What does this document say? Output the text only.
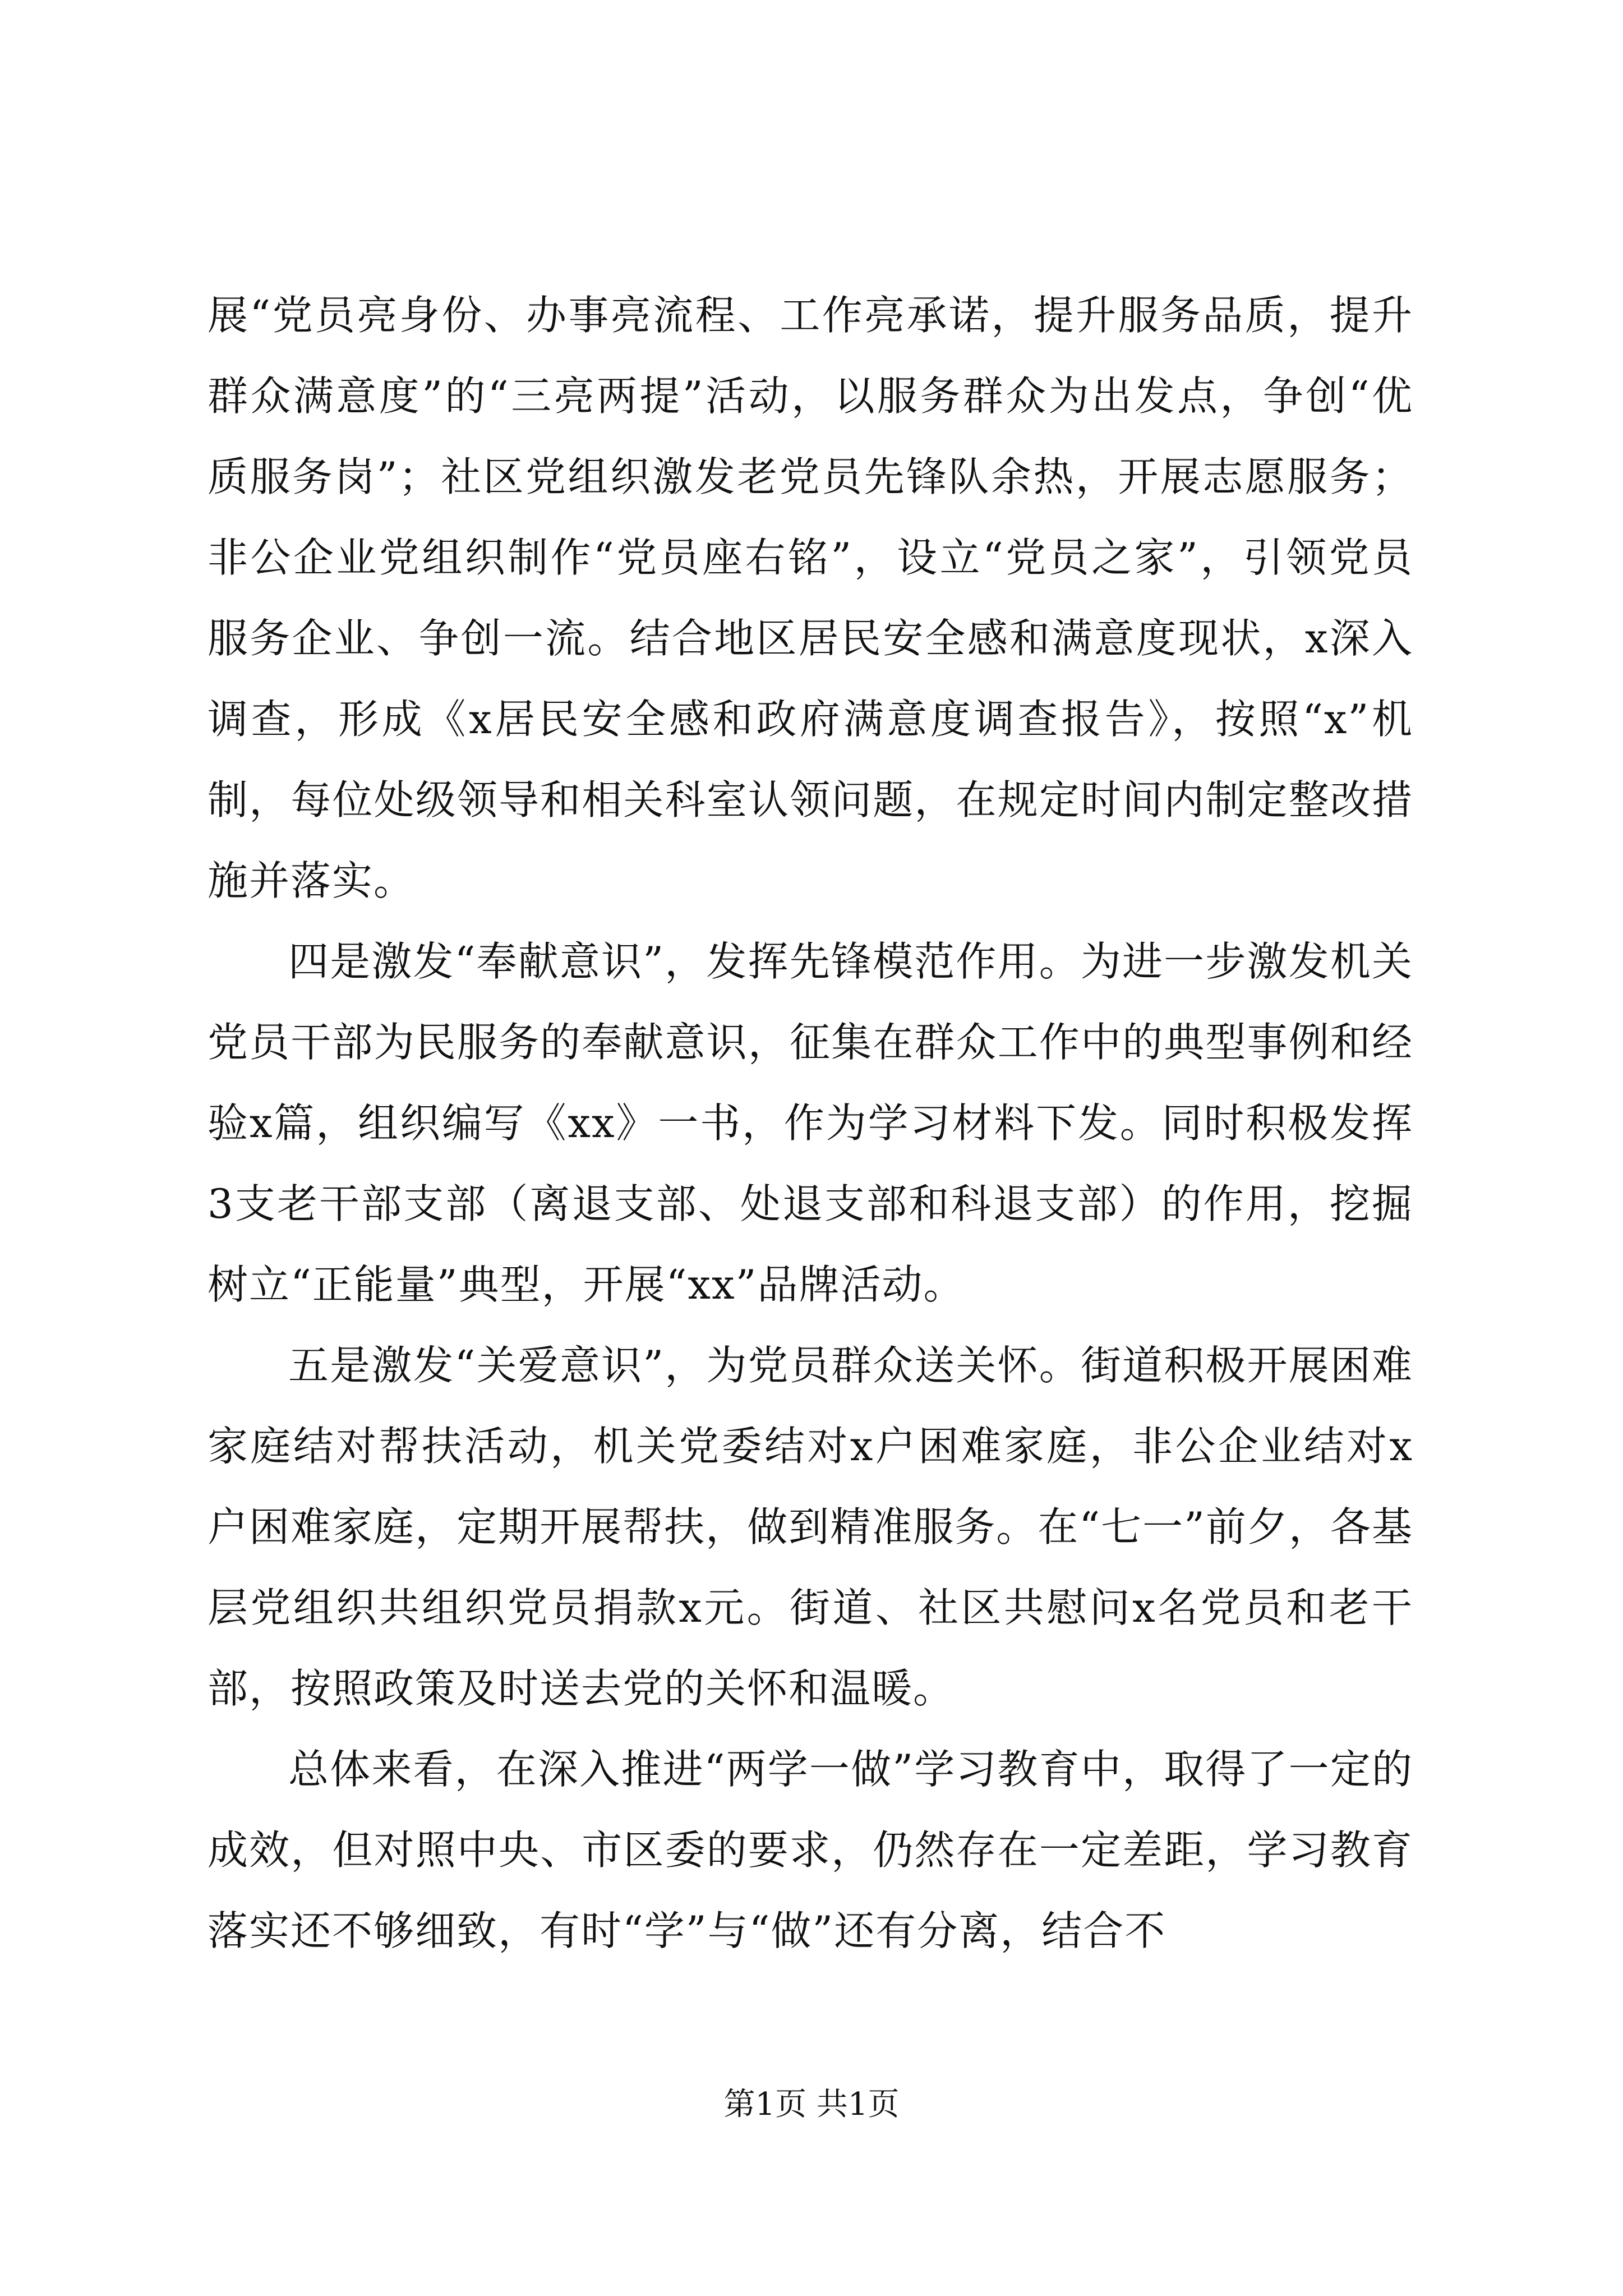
展“党员亮身份、办事亮流程、工作亮承诺，提升服务品质，提升群众满意度”的“三亮两提”活动，以服务群众为出发点，争创“优质服务岗”；社区党组织激发老党员先锋队余热，开展志愿服务；非公企业党组织制作“党员座右铭”，设立“党员之家”，引领党员服务企业、争创一流。结合地区居民安全感和满意度现状，x深入调查，形成《x居民安全感和政府满意度调查报告》，按照“x”机制，每位处级领导和相关科室认领问题，在规定时间内制定整改措施并落实。

四是激发“奉献意识”，发挥先锋模范作用。为进一步激发机关党员干部为民服务的奉献意识，征集在群众工作中的典型事例和经验x篇，组织编写《xx》一书，作为学习材料下发。同时积极发挥3支老干部支部（离退支部、处退支部和科退支部）的作用，挖掘树立“正能量”典型，开展“xx”品牌活动。

五是激发“关爱意识”，为党员群众送关怀。街道积极开展困难家庭结对帮扶活动，机关党委结对x户困难家庭，非公企业结对x户困难家庭，定期开展帮扶，做到精准服务。在“七一”前夕，各基层党组织共组织党员捐款x元。街道、社区共慰问x名党员和老干部，按照政策及时送去党的关怀和温暖。

总体来看，在深入推进“两学一做”学习教育中，取得了一定的成效，但对照中央、市区委的要求，仍然存在一定差距，学习教育落实还不够细致，有时“学”与“做”还有分离，结合不

第1页 共1页
